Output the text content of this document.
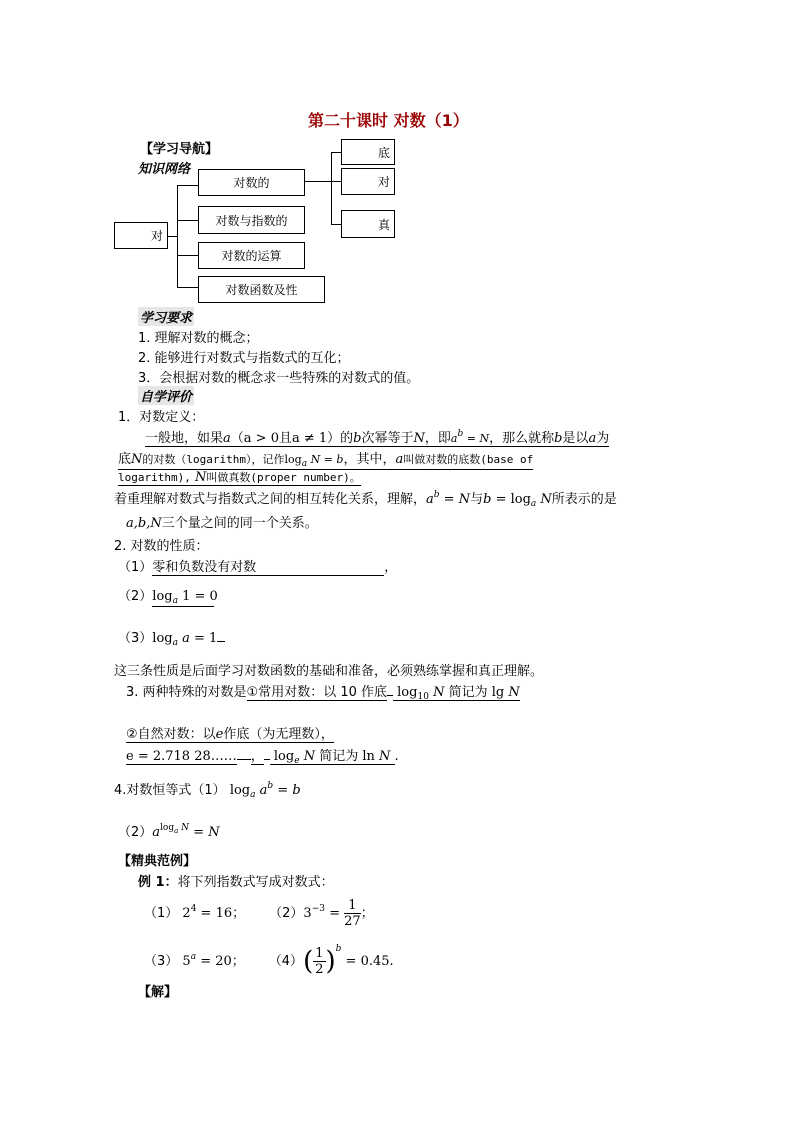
第二十课时 对数（1）
【学习导航】
知识网络
对
对数的
对数与指数的
对数的运算
对数函数及性
底
对
真
学习要求
1. 理解对数的概念；
2. 能够进行对数式与指数式的互化；
3．会根据对数的概念求一些特殊的对数式的值。
自学评价
1．对数定义：
一般地，如果a（a > 0且a ≠ 1）的b次幂等于N，即$a^b = N$，那么就称b是以a为
底N的对数（logarithm），记作$\log_a N = b$，其中，a叫做对数的底数(base of
logarithm), N叫做真数(proper number)。
着重理解对数式与指数式之间的相互转化关系，理解，$a^b = N$与$b = \log_a N$所表示的是
a,b,N三个量之间的同一个关系。
2. 对数的性质：
（1）零和负数没有对数	，
$(2)\log_a$ 1 = 0
$(3)\log_a$ a = 1
这三条性质是后面学习对数函数的基础和准备，必须熟练掌握和真正理解。
3. 两种特殊的对数是①常用对数：以 10 作底 $\log_{10} N$ 简记为 lg N
②自然对数：以e作底（为无理数），
e = 2.718 28…… ， $\log_e N$ 简记为 ln N .
4.对数恒等式（1） $\log_a a^b = b$
$(2)a^{log_a N} = N$
【精典范例】
例 1：将下列指数式写成对数式：
（1） $2^4 = 16$； $(2)3^{-3} = \frac{1}{27}$ ；
（3） $5^a = 20$； $(4)( \frac{1}{2} )^b = 0.45$.
【解】
